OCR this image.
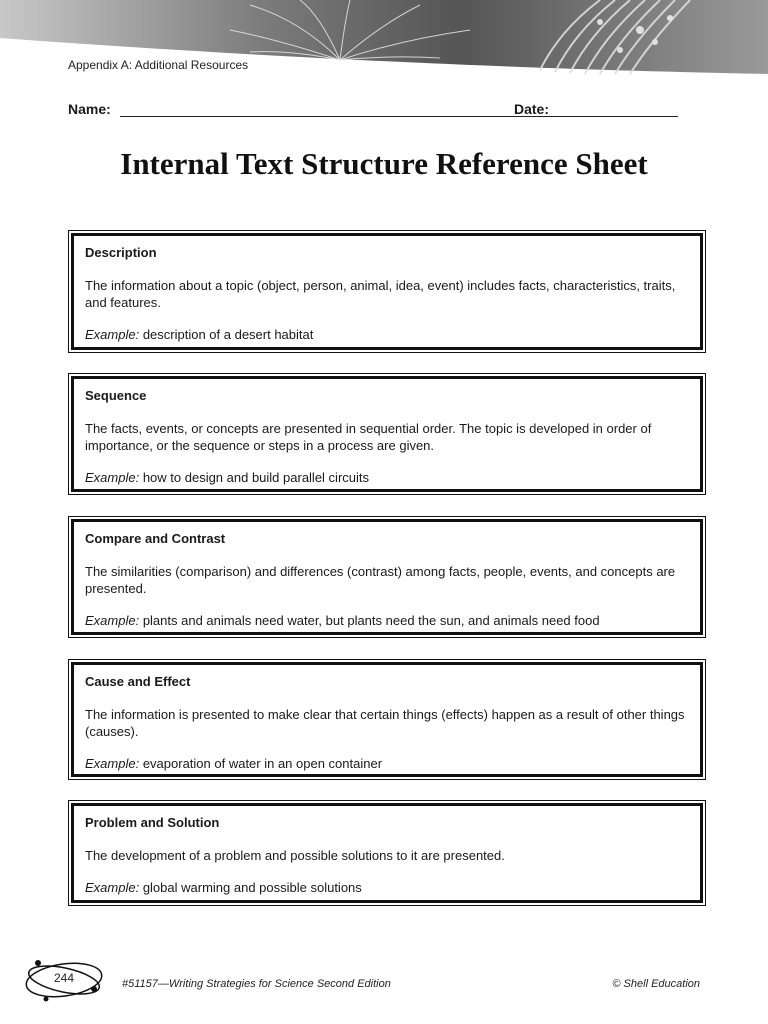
Appendix A: Additional Resources
Name:	Date:
Internal Text Structure Reference Sheet
Description
The information about a topic (object, person, animal, idea, event) includes facts, characteristics, traits, and features.
Example: description of a desert habitat
Sequence
The facts, events, or concepts are presented in sequential order. The topic is developed in order of importance, or the sequence or steps in a process are given.
Example: how to design and build parallel circuits
Compare and Contrast
The similarities (comparison) and differences (contrast) among facts, people, events, and concepts are presented.
Example: plants and animals need water, but plants need the sun, and animals need food
Cause and Effect
The information is presented to make clear that certain things (effects) happen as a result of other things (causes).
Example: evaporation of water in an open container
Problem and Solution
The development of a problem and possible solutions to it are presented.
Example: global warming and possible solutions
244	#51157—Writing Strategies for Science Second Edition	© Shell Education
